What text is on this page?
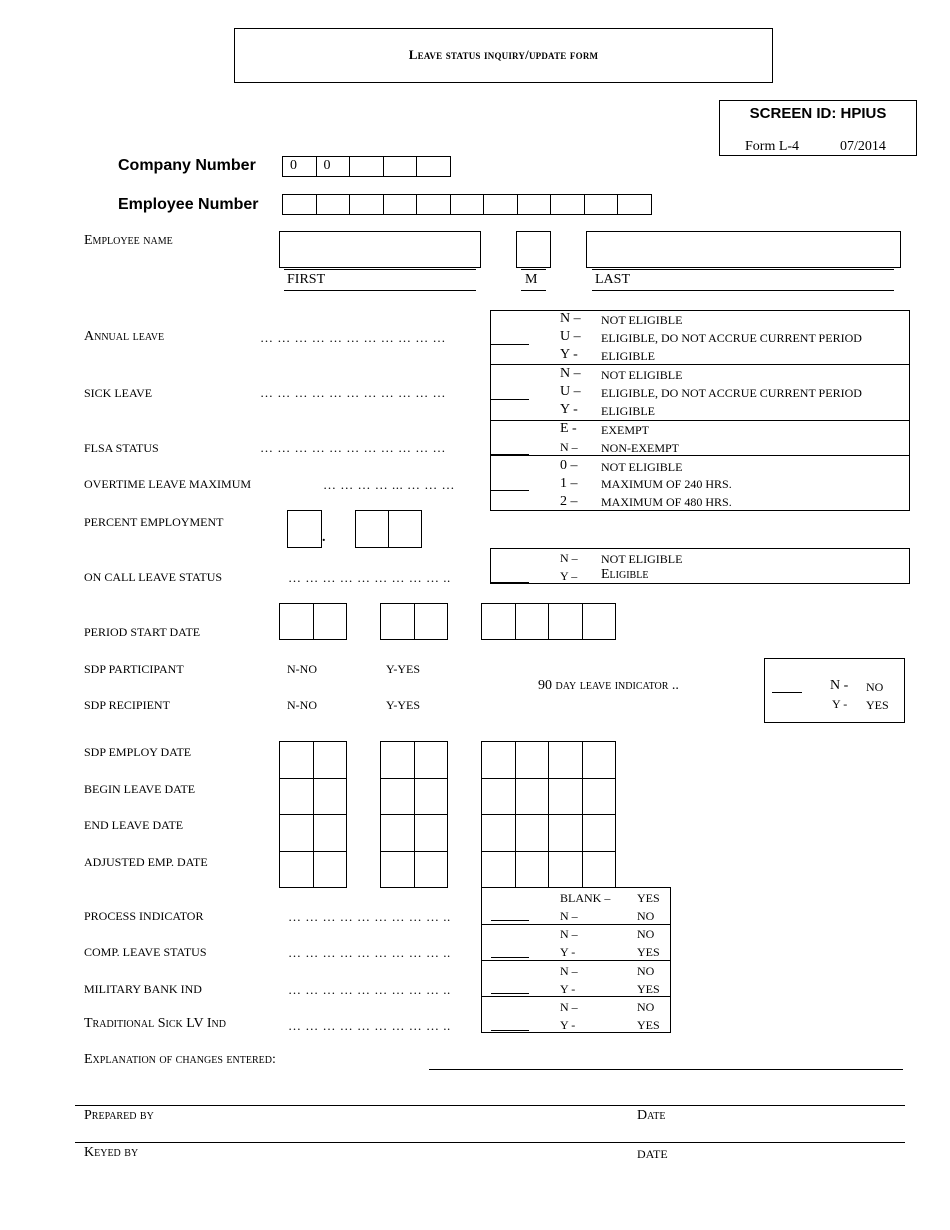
Leave status inquiry/update form
SCREEN ID: HPIUS
Form L-4	07/2014
Company Number	0	0
Employee Number
Employee name
FIRST	M	LAST
Annual leave	… … … … … … … … … … …
N – NOT ELIGIBLE
U – ELIGIBLE, DO NOT ACCRUE CURRENT PERIOD
Y - ELIGIBLE
SICK LEAVE	… … … … … … … … … … …
N – NOT ELIGIBLE
U – ELIGIBLE, DO NOT ACCRUE CURRENT PERIOD
Y - ELIGIBLE
FLSA STATUS	… … … … … … … … … … …
E - EXEMPT
N – NON-EXEMPT
OVERTIME LEAVE MAXIMUM	… … … … ... … … …
0 – NOT ELIGIBLE
1 – MAXIMUM OF 240 HRS.
2 – MAXIMUM OF 480 HRS.
PERCENT EMPLOYMENT
.
ON CALL LEAVE STATUS	… … … … … … … … … ..
N – NOT ELIGIBLE
Y – Eligible
PERIOD START DATE
SDP PARTICIPANT	N-NO	Y-YES
SDP RECIPIENT	N-NO	Y-YES
90 day leave indicator ..	N - NO
Y - YES
SDP EMPLOY DATE
BEGIN LEAVE DATE
END LEAVE DATE
ADJUSTED EMP. DATE
PROCESS INDICATOR	… … … … … … … … … ..
BLANK – YES
N –	NO
COMP. LEAVE STATUS	… … … … … … … … … ..
N –	NO
Y -	YES
MILITARY BANK IND	… … … … … … … … … ..
N –	NO
Y -	YES
Traditional Sick LV Ind	… … … … … … … … … ..
N –	NO
Y -	YES
Explanation of changes entered:
Prepared by	Date
Keyed by	DATE
